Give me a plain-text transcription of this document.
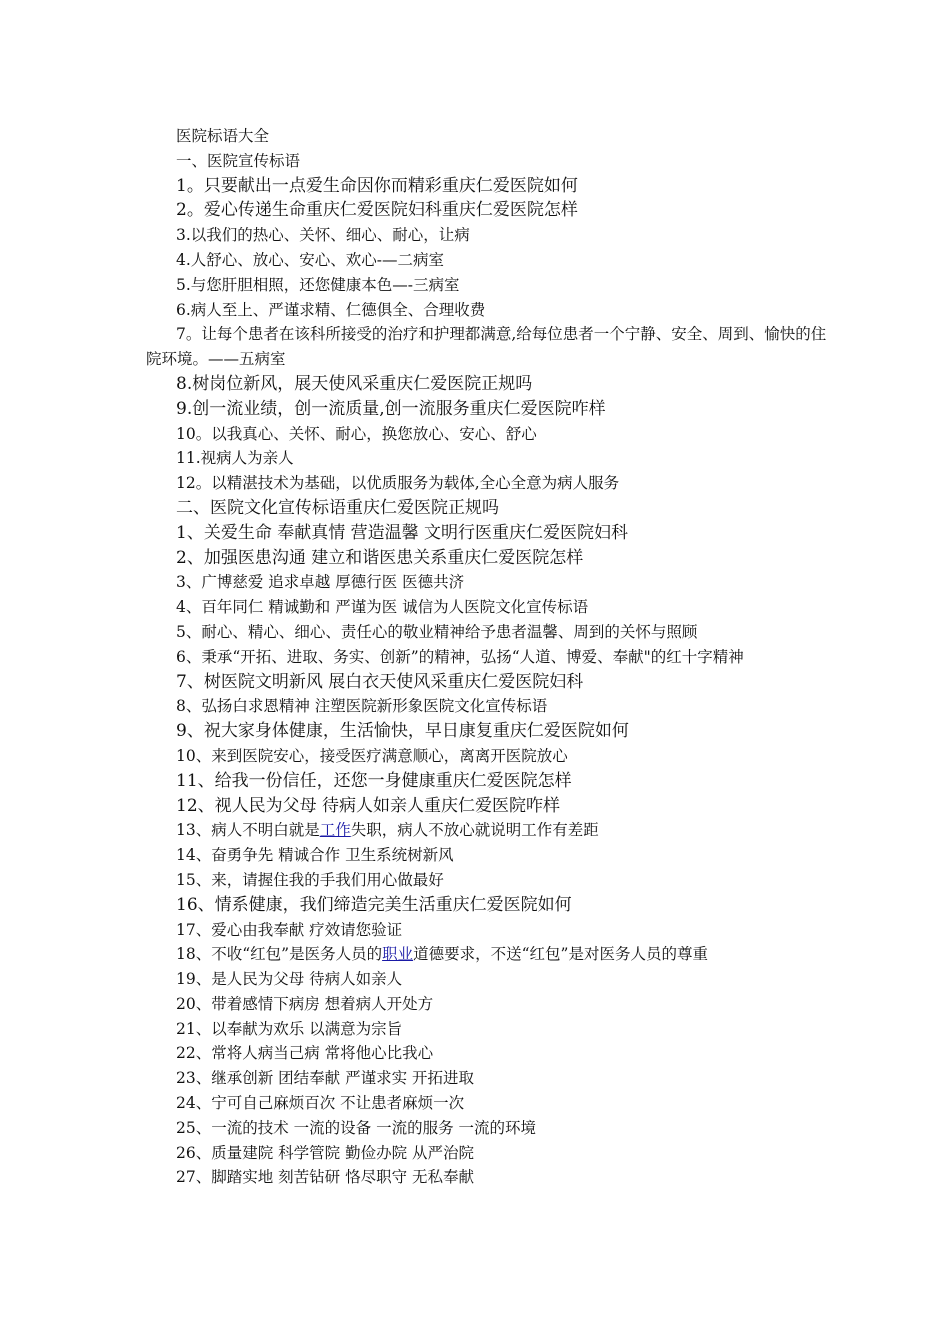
医院标语大全
一、医院宣传标语
1。只要献出一点爱生命因你而精彩重庆仁爱医院如何
2。爱心传递生命重庆仁爱医院妇科重庆仁爱医院怎样
3.以我们的热心、关怀、细心、耐心，让病
4.人舒心、放心、安心、欢心-—二病室
5.与您肝胆相照，还您健康本色—-三病室
6.病人至上、严谨求精、仁德俱全、合理收费
7。让每个患者在该科所接受的治疗和护理都满意,给每位患者一个宁静、安全、周到、愉快的住院环境。——五病室
8.树岗位新风，展天使风采重庆仁爱医院正规吗
9.创一流业绩，创一流质量,创一流服务重庆仁爱医院咋样
10。以我真心、关怀、耐心，换您放心、安心、舒心
11.视病人为亲人
12。以精湛技术为基础，以优质服务为载体,全心全意为病人服务
二、医院文化宣传标语重庆仁爱医院正规吗
1、关爱生命 奉献真情 营造温馨 文明行医重庆仁爱医院妇科
2、加强医患沟通 建立和谐医患关系重庆仁爱医院怎样
3、广博慈爱 追求卓越 厚德行医 医德共济
4、百年同仁 精诚勤和 严谨为医 诚信为人医院文化宣传标语
5、耐心、精心、细心、责任心的敬业精神给予患者温馨、周到的关怀与照顾
6、秉承“开拓、进取、务实、创新”的精神，弘扬“人道、博爱、奉献"的红十字精神
7、树医院文明新风 展白衣天使风采重庆仁爱医院妇科
8、弘扬白求恩精神 注塑医院新形象医院文化宣传标语
9、祝大家身体健康，生活愉快，早日康复重庆仁爱医院如何
10、来到医院安心，接受医疗满意顺心，离离开医院放心
11、给我一份信任，还您一身健康重庆仁爱医院怎样
12、视人民为父母 待病人如亲人重庆仁爱医院咋样
13、病人不明白就是工作失职，病人不放心就说明工作有差距
14、奋勇争先 精诚合作 卫生系统树新风
15、来，请握住我的手我们用心做最好
16、情系健康，我们缔造完美生活重庆仁爱医院如何
17、爱心由我奉献 疗效请您验证
18、不收“红包”是医务人员的职业道德要求，不送“红包”是对医务人员的尊重
19、是人民为父母 待病人如亲人
20、带着感情下病房 想着病人开处方
21、以奉献为欢乐 以满意为宗旨
22、常将人病当己病 常将他心比我心
23、继承创新 团结奉献 严谨求实 开拓进取
24、宁可自己麻烦百次 不让患者麻烦一次
25、一流的技术 一流的设备 一流的服务 一流的环境
26、质量建院 科学管院 勤俭办院 从严治院
27、脚踏实地 刻苦钻研 恪尽职守 无私奉献
